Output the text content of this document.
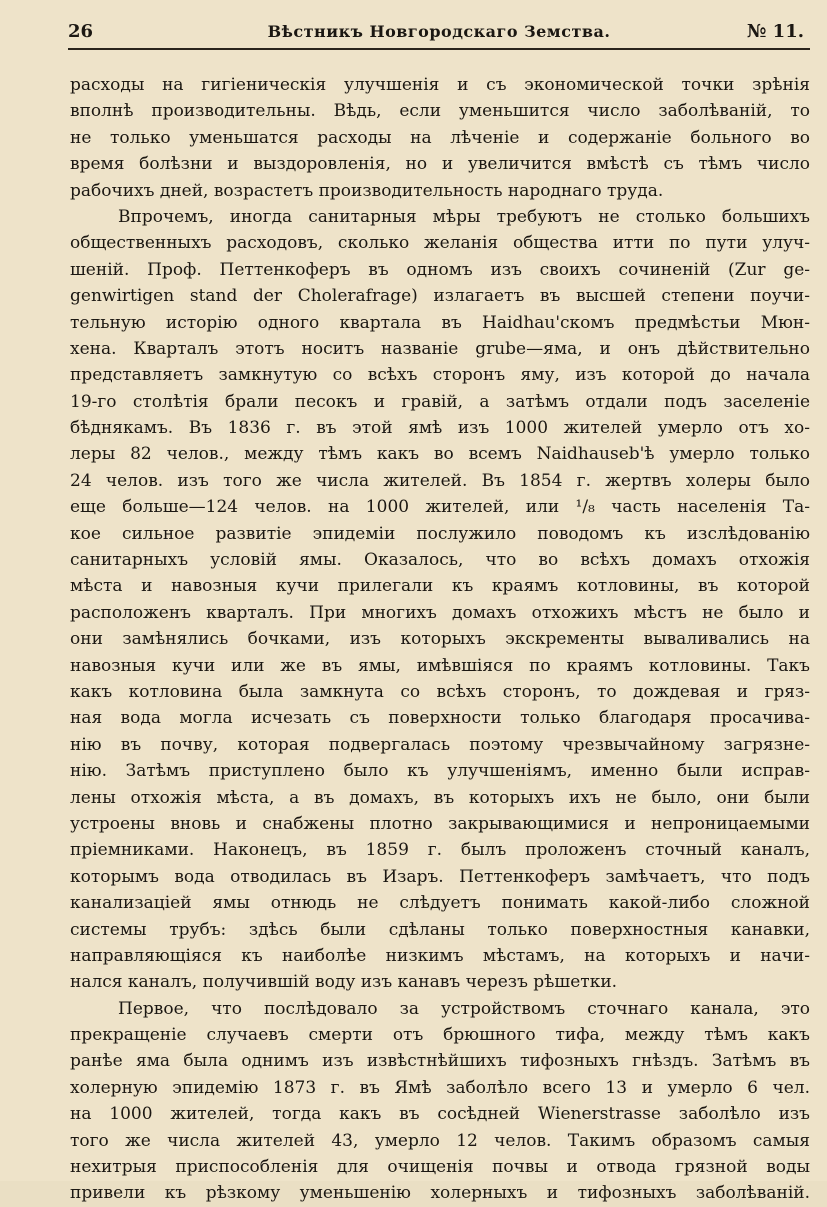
26	Вѣстникъ Новгородскаго Земства.	№ 11.
расходы на гигіеническія улучшенія и съ экономической точки зрѣнія
вполнѣ производительны. Вѣдь, если уменьшится число заболѣваній, то
не только уменьшатся расходы на лѣченіе и содержаніе больного во
время болѣзни и выздоровленія, но и увеличится вмѣстѣ съ тѣмъ число
рабочихъ дней, возрастетъ производительность народнаго труда.
Впрочемъ, иногда санитарныя мѣры требуютъ не столько большихъ
общественныхъ расходовъ, сколько желанія общества итти по пути улуч-
шеній. Проф. Петтенкоферъ въ одномъ изъ своихъ сочиненій (Zur ge-
genwirtigen stand der Cholerafrage) излагаетъ въ высшей степени поучи-
тельную исторію одного квартала въ Haidhau'скомъ предмѣстьи Мюн-
хена. Кварталъ этотъ носитъ названіе grube—яма, и онъ дѣйствительно
представляетъ замкнутую со всѣхъ сторонъ яму, изъ которой до начала
19-го столѣтія брали песокъ и гравій, а затѣмъ отдали подъ заселеніе
бѣднякамъ. Въ 1836 г. въ этой ямѣ изъ 1000 жителей умерло отъ хо-
леры 82 челов., между тѣмъ какъ во всемъ Naidhauseb'ѣ умерло только
24 челов. изъ того же числа жителей. Въ 1854 г. жертвъ холеры было
еще больше—124 челов. на 1000 жителей, или ¹/₈ часть населенія Та-
кое сильное развитіе эпидеміи послужило поводомъ къ изслѣдованію
санитарныхъ условій ямы. Оказалось, что во всѣхъ домахъ отхожія
мѣста и навозныя кучи прилегали къ краямъ котловины, въ которой
расположенъ кварталъ. При многихъ домахъ отхожихъ мѣстъ не было и
они замѣнялись бочками, изъ которыхъ экскременты вываливались на
навозныя кучи или же въ ямы, имѣвшіяся по краямъ котловины. Такъ
какъ котловина была замкнута со всѣхъ сторонъ, то дождевая и гряз-
ная вода могла исчезать съ поверхности только благодаря просачива-
нію въ почву, которая подвергалась поэтому чрезвычайному загрязне-
нію. Затѣмъ приступлено было къ улучшеніямъ, именно были исправ-
лены отхожія мѣста, а въ домахъ, въ которыхъ ихъ не было, они были
устроены вновь и снабжены плотно закрывающимися и непроницаемыми
пріемниками. Наконецъ, въ 1859 г. былъ проложенъ сточный каналъ,
которымъ вода отводилась въ Изаръ. Петтенкоферъ замѣчаетъ, что подъ
канализаціей ямы отнюдь не слѣдуетъ понимать какой-либо сложной
системы трубъ: здѣсь были сдѣланы только поверхностныя канавки,
направляющіяся къ наиболѣе низкимъ мѣстамъ, на которыхъ и начи-
нался каналъ, получившій воду изъ канавъ черезъ рѣшетки.
Первое, что послѣдовало за устройствомъ сточнаго канала, это
прекращеніе случаевъ смерти отъ брюшного тифа, между тѣмъ какъ
ранѣе яма была однимъ изъ извѣстнѣйшихъ тифозныхъ гнѣздъ. Затѣмъ въ
холерную эпидемію 1873 г. въ Ямѣ заболѣло всего 13 и умерло 6 чел.
на 1000 жителей, тогда какъ въ сосѣдней Wienerstrasse заболѣло изъ
того же числа жителей 43, умерло 12 челов. Такимъ образомъ самыя
нехитрыя приспособленія для очищенія почвы и отвода грязной воды
привели къ рѣзкому уменьшенію холерныхъ и тифозныхъ заболѣваній.
